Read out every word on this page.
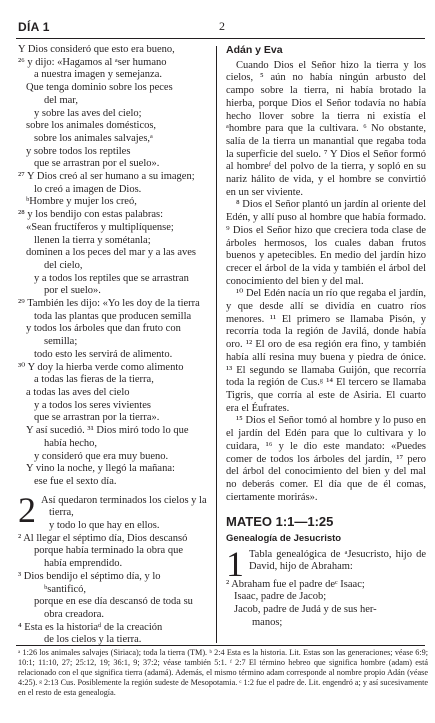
DÍA 1	2
Y Dios consideró que esto era bueno,
²⁶ y dijo: «Hagamos al ᵃser humano
a nuestra imagen y semejanza.
Que tenga dominio sobre los peces
del mar,
y sobre las aves del cielo;
sobre los animales domésticos,
sobre los animales salvajes,ᵃ
y sobre todos los reptiles
que se arrastran por el suelo».
²⁷ Y Dios creó al ser humano a su imagen;
lo creó a imagen de Dios.
ᵇHombre y mujer los creó,
²⁸ y los bendijo con estas palabras:
«Sean fructíferos y multiplíquense;
llenen la tierra y sométanla;
dominen a los peces del mar y a las aves
del cielo,
y a todos los reptiles que se arrastran
por el suelo».
²⁹ También les dijo: «Yo les doy de la tierra
toda las plantas que producen semilla
y todos los árboles que dan fruto con
semilla;
todo esto les servirá de alimento.
³⁰ Y doy la hierba verde como alimento
a todas las fieras de la tierra,
a todas las aves del cielo
y a todos los seres vivientes
que se arrastran por la tierra».
Y así sucedió. ³¹ Dios miró todo lo que
había hecho,
y consideró que era muy bueno.
Y vino la noche, y llegó la mañana:
ese fue el sexto día.
2 Así quedaron terminados los cielos y la
tierra,
y todo lo que hay en ellos.
² Al llegar el séptimo día, Dios descansó
porque había terminado la obra que
había emprendido.
³ Dios bendijo el séptimo día, y lo
ᵇsantificó,
porque en ese día descansó de toda su
obra creadora.
⁴ Esta es la historiaᵈ de la creación
de los cielos y la tierra.
Adán y Eva

Cuando Dios el Señor hizo la tierra y los cielos, ⁵ aún no había ningún arbusto del campo sobre la tierra, ni había brotado la hierba, porque Dios el Señor todavía no había hecho llover sobre la tierra ni existía el ᵃhombre para que la cultivara. ⁶ No obstante, salía de la tierra un manantial que regaba toda la superficie del suelo. ⁷ Y Dios el Señor formó al hombreᶠ del polvo de la tierra, y sopló en su nariz hálito de vida, y el hombre se convirtió en un ser viviente.

⁸ Dios el Señor plantó un jardín al oriente del Edén, y allí puso al hombre que había formado. ⁹ Dios el Señor hizo que creciera toda clase de árboles hermosos, los cuales daban frutos buenos y apetecibles. En medio del jardín hizo crecer el árbol de la vida y también el árbol del conocimiento del bien y del mal.

¹⁰ Del Edén nacía un río que regaba el jardín, y que desde allí se dividía en cuatro ríos menores. ¹¹ El primero se llamaba Pisón, y recorría toda la región de Javilá, donde había oro. ¹² El oro de esa región era fino, y también había allí resina muy buena y piedra de ónice. ¹³ El segundo se llamaba Guijón, que recorría toda la región de Cus.ᵍ ¹⁴ El tercero se llamaba Tigris, que corría al este de Asiria. El cuarto era el Éufrates.

¹⁵ Dios el Señor tomó al hombre y lo puso en el jardín del Edén para que lo cultivara y lo cuidara, ¹⁶ y le dio este mandato: «Puedes comer de todos los árboles del jardín, ¹⁷ pero del árbol del conocimiento del bien y del mal no deberás comer. El día que de él comas, ciertamente morirás».

MATEO 1:1—1:25
Genealogía de Jesucristo
1 Tabla genealógica de ᵃJesucristo, hijo de David, hijo de Abraham:

² Abraham fue el padre deᶜ Isaac;
Isaac, padre de Jacob;
Jacob, padre de Judá y de sus her-
manos;
ᵃ 1:26 los animales salvajes (Siriaca); toda la tierra (TM). ᵇ 2:4 Esta es la historia. Lit. Estas son las generaciones; véase 6:9; 10:1; 11:10, 27; 25:12, 19; 36:1, 9; 37:2; véase también 5:1. ᶠ 2:7 El término hebreo que significa hombre (adam) está relacionado con el que significa tierra (adamá). Además, el mismo término adam corresponde al nombre propio Adán (véase 4:25). ᵍ 2:13 Cus. Posiblemente la región sudeste de Mesopotamia. ᶜ 1:2 fue el padre de. Lit. engendró a; y así sucesivamente en el resto de esta genealogía.
